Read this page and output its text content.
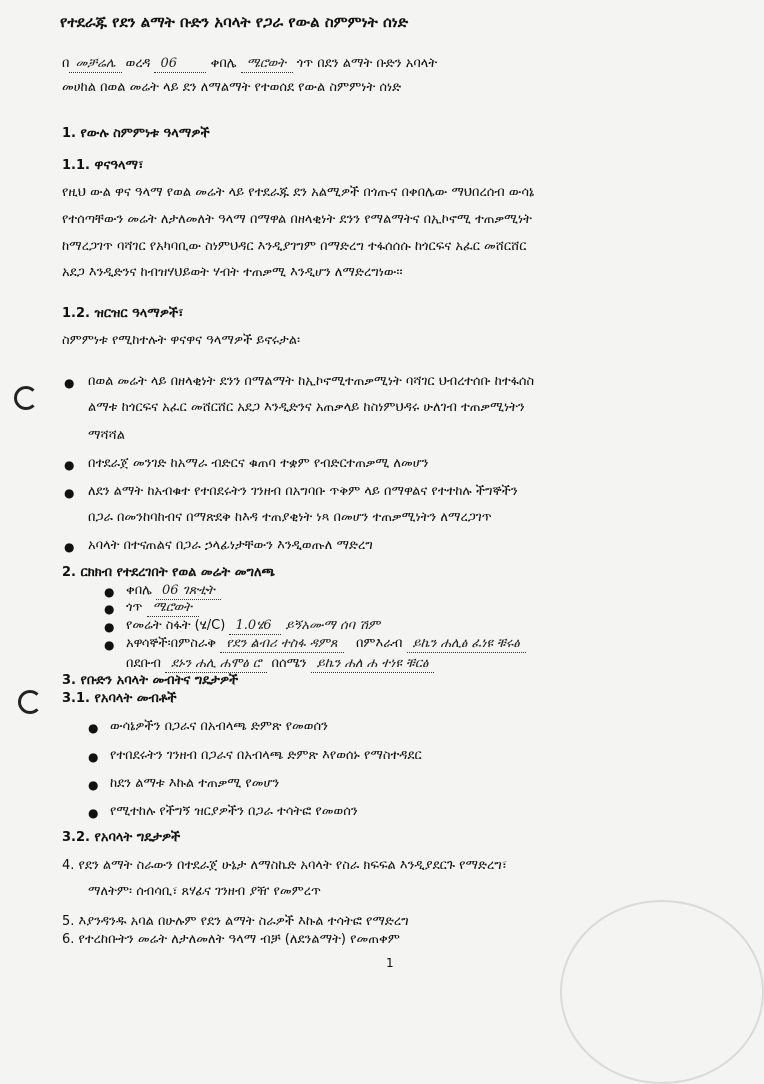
የተደራጁ የደን ልማት ቡድን አባላት የጋራ የውል ስምምነት ሰነድ
በ መቻሬሌ ወረዳ 06	ቀበሌ ሜሮወት ጎጥ በደን ልማት ቡድን አባላት
መሀከል በወል መሬት ላይ ደን ለማልማት የተወሰደ የውል ስምምነት ሰነድ
1. የውሉ ስምምነቱ ዓላማዎች
1.1. ዋናዓላማ፣
የዚህ ውል ዋና ዓላማ የወል መሬት ላይ የተደራጁ ደን አልሚዎች በጎጡና በቀበሌው ማህበረሰብ ውሳኔ
የተሰጣቸውን መሬት ለታለመለት ዓላማ በማዋል በዘላቂነት ደንን የማልማትና በኢኮኖሚ ተጠቃሚነት
ከማረጋገጥ ባሻገር የአካባቢው ስነምህዳር እንዲያገግም በማድረግ ተፋሰሰሱ ከጎርፍና አፈር መሸርሸር
አደጋ እንዲድንና ከብዝሃህይወት ሃብት ተጠቃሚ እንዲሆን ለማድረግነው፡፡
1.2. ዝርዝር ዓላማዎች፣
ስምምነቱ የሚከተሉት ዋናዋና ዓላማዎች ይኖሩታል፡
● በወል መሬት ላይ በዘላቂነት ደንን በማልማት ከኢኮኖሚተጠቃሚነት ባሻገር ህብረተሰቡ ከተፋሰስ
ልማቱ ከጎርፍና አፈር መሸርሸር አደጋ እንዲድንና አጠቃላይ ከስነምህዳሩ ሁለገብ ተጠቃሚነትን
ማሻሻል
● በተደራጀ መንገድ ከአማራ ብድርና ቁጠባ ተቋም የብድርተጠቃሚ ለመሆን
● ለደን ልማት ከአብቁተ የተበደሩትን ገንዘብ በአግባቡ ጥቅም ላይ በማዋልና የተተከሉ ችግኞችን
በጋራ በመንከባከብና በማጽደቅ ከእዳ ተጠያቂነት ነጻ በመሆን ተጠቃሚነትን ለማረጋገጥ
● አባላት በተናጠልና በጋራ ኃላፊነታቸውን እንዲወጡለ ማድረግ
2. ርክክብ የተደረገበት የወል መሬት መግለጫ
● ቀበሌ 06 ገጽቲት
● ጎጥ ሜሮወት
● የመሬት ስፋት (ሄ/C) 1.0ሄ6 ይኝአሙማ ሰባ ሽም
● አዋሳኞች፡በምስራቅ የደን ልብሪ ተስፋ ዳምጸ በምእራብ ይኬን ሐሊፅ ፈነዩ ቹሩፅ
በደቡብ ደኑን ሐሊ ሐሞፅ ሮ በሰሜን ይኬን ሐለ ሐ ተነዩ ቹርፅ
3. የቡድን አባላት መብትና ግዴታዎች
3.1. የአባላት መብቶች
● ውሳኔዎችን በጋራና በአብላጫ ድምጽ የመወሰን
● የተበደሩትን ገንዘብ በጋራና በአብላጫ ድምጽ እየወሰኑ የማስተዳደር
● ከደን ልማቱ እኩል ተጠቃሚ የመሆን
● የሚተከሉ የችግኝ ዝርያዎችን በጋራ ተሳትፎ የመወሰን
3.2. የአባላት ግዴታዎች
4. የደን ልማት ስራውን በተደራጀ ሁኔታ ለማስኬድ አባላት የስራ ክፍፍል እንዲያደርጉ የማድረግ፣
ማለትም፡ ሰብሳቢ፣ ጸሃፊና ገንዘብ ያዥ የመምረጥ
5. እያንዳንዱ አባል በሁሉም የደን ልማት ስራዎች እኩል ተሳትፎ የማድረግ
6. የተረከቡትን መሬት ለታለመለት ዓላማ ብቻ (ለደንልማት) የመጠቀም
1
